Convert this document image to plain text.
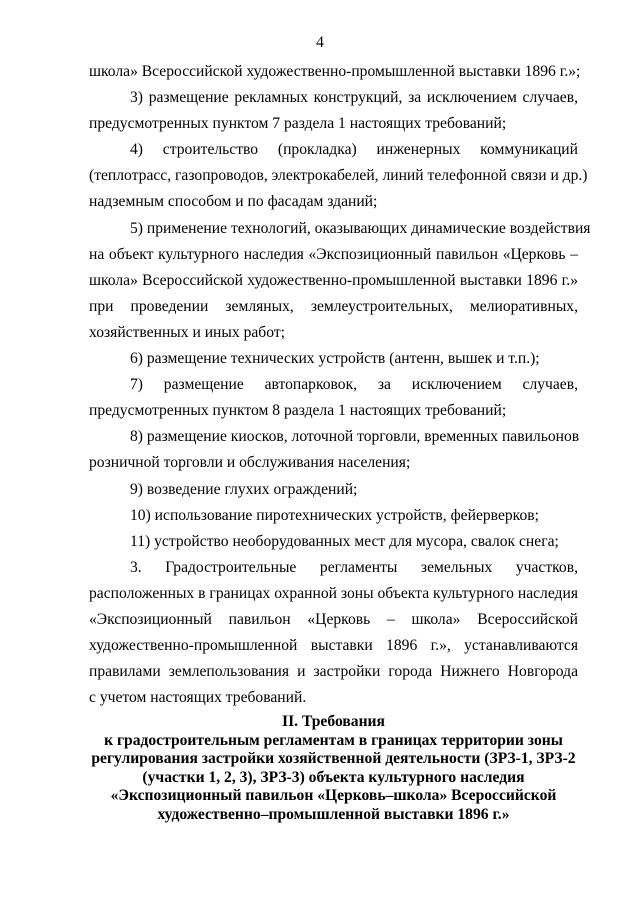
4
школа» Всероссийской художественно-промышленной выставки 1896 г.»;
3) размещение рекламных конструкций, за исключением случаев,
предусмотренных пунктом 7 раздела 1 настоящих требований;
4) строительство (прокладка) инженерных коммуникаций
(теплотрасс, газопроводов, электрокабелей, линий телефонной связи и др.)
надземным способом и по фасадам зданий;
5) применение технологий, оказывающих динамические воздействия
на объект культурного наследия «Экспозиционный павильон «Церковь –
школа» Всероссийской художественно-промышленной выставки 1896 г.»
при проведении земляных, землеустроительных, мелиоративных,
хозяйственных и иных работ;
6) размещение технических устройств (антенн, вышек и т.п.);
7) размещение автопарковок, за исключением случаев,
предусмотренных пунктом 8 раздела 1 настоящих требований;
8) размещение киосков, лоточной торговли, временных павильонов
розничной торговли и обслуживания населения;
9) возведение глухих ограждений;
10) использование пиротехнических устройств, фейерверков;
11) устройство необорудованных мест для мусора, свалок снега;
3. Градостроительные регламенты земельных участков,
расположенных в границах охранной зоны объекта культурного наследия
«Экспозиционный павильон «Церковь – школа» Всероссийской
художественно-промышленной выставки 1896 г.», устанавливаются
правилами землепользования и застройки города Нижнего Новгорода
с учетом настоящих требований.
II. Требования
к градостроительным регламентам в границах территории зоны
регулирования застройки хозяйственной деятельности (ЗРЗ-1, ЗРЗ-2
(участки 1, 2, 3), ЗРЗ-3) объекта культурного наследия
«Экспозиционный павильон «Церковь–школа» Всероссийской
художественно–промышленной выставки 1896 г.»
